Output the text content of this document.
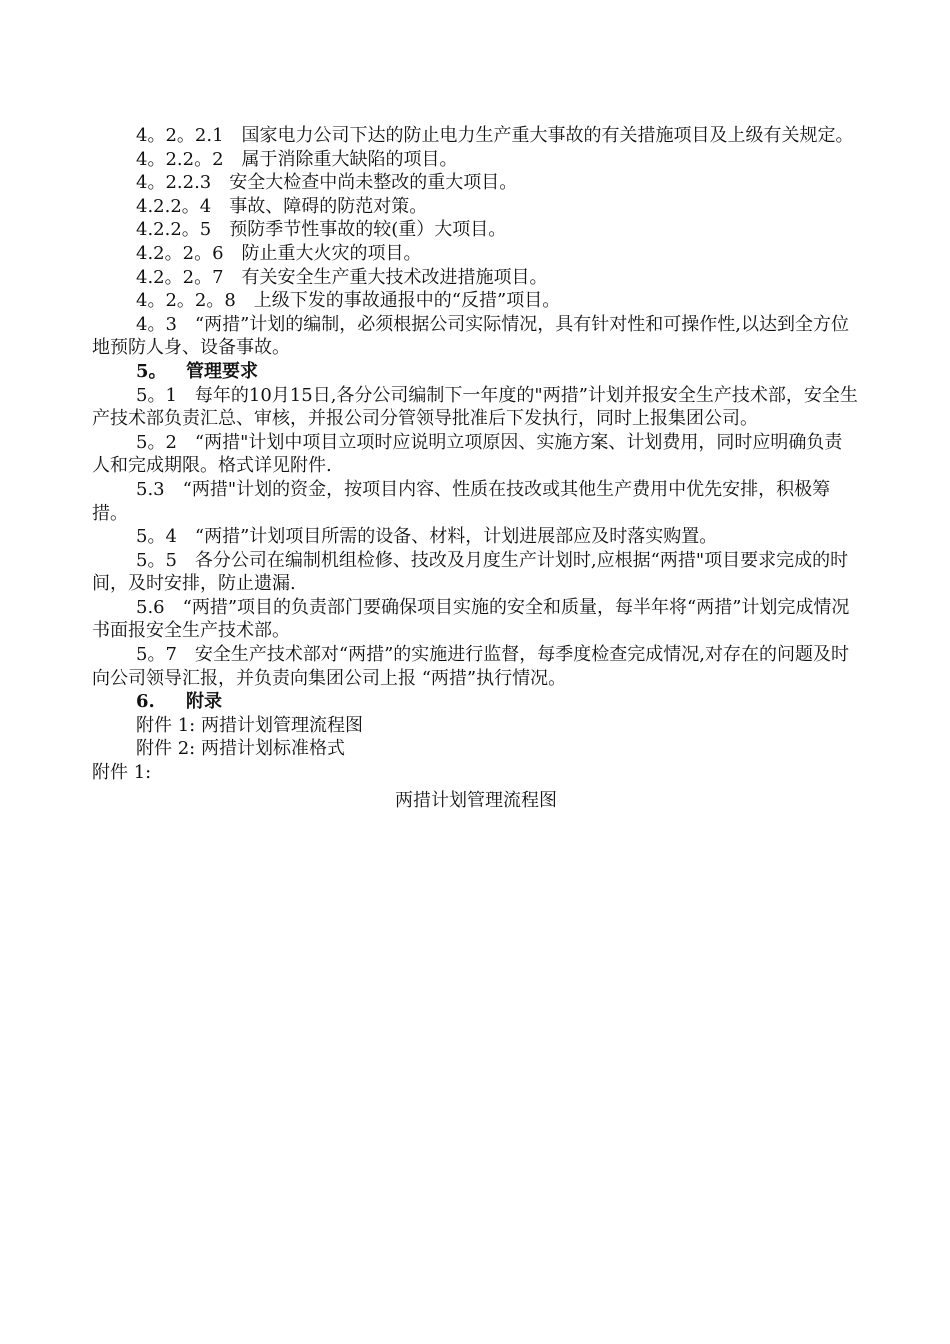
4。2。2.1　国家电力公司下达的防止电力生产重大事故的有关措施项目及上级有关规定。

4。2.2。2　属于消除重大缺陷的项目。

4。2.2.3　安全大检查中尚未整改的重大项目。

4.2.2。4　事故、障碍的防范对策。

4.2.2。5　预防季节性事故的较(重）大项目。

4.2。2。6　防止重大火灾的项目。

4.2。2。7　有关安全生产重大技术改进措施项目。

4。2。2。8　上级下发的事故通报中的“反措”项目。

4。3　“两措”计划的编制，必须根据公司实际情况，具有针对性和可操作性,以达到全方位地预防人身、设备事故。

5。 管理要求

5。1　每年的10月15日,各分公司编制下一年度的"两措”计划并报安全生产技术部，安全生产技术部负责汇总、审核，并报公司分管领导批准后下发执行，同时上报集团公司。

5。2　“两措"计划中项目立项时应说明立项原因、实施方案、计划费用，同时应明确负责人和完成期限。格式详见附件.

5.3　“两措"计划的资金，按项目内容、性质在技改或其他生产费用中优先安排，积极筹措。

5。4　“两措”计划项目所需的设备、材料，计划进展部应及时落实购置。

5。5　各分公司在编制机组检修、技改及月度生产计划时,应根据“两措"项目要求完成的时间，及时安排，防止遗漏.

5.6　“两措”项目的负责部门要确保项目实施的安全和质量，每半年将“两措”计划完成情况书面报安全生产技术部。

5。7　安全生产技术部对“两措”的实施进行监督，每季度检查完成情况,对存在的问题及时向公司领导汇报，并负责向集团公司上报 “两措”执行情况。

6. 附录

附件 1: 两措计划管理流程图

附件 2: 两措计划标准格式

附件 1:

两措计划管理流程图
